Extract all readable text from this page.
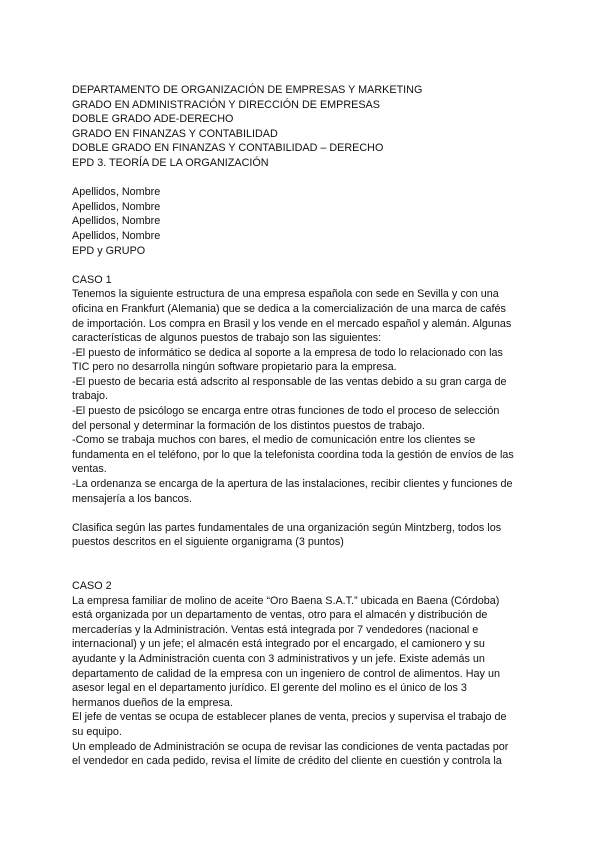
DEPARTAMENTO DE ORGANIZACIÓN DE EMPRESAS Y MARKETING
GRADO EN ADMINISTRACIÓN Y DIRECCIÓN DE EMPRESAS
DOBLE GRADO ADE-DERECHO
GRADO EN FINANZAS Y CONTABILIDAD
DOBLE GRADO EN FINANZAS Y CONTABILIDAD – DERECHO
EPD 3. TEORÍA DE LA ORGANIZACIÓN
Apellidos, Nombre
Apellidos, Nombre
Apellidos, Nombre
Apellidos, Nombre
EPD y GRUPO
CASO 1
Tenemos la siguiente estructura de una empresa española con sede en Sevilla y con una
oficina en Frankfurt (Alemania) que se dedica a la comercialización de una marca de cafés
de importación. Los compra en Brasil y los vende en el mercado español y alemán. Algunas
características de algunos puestos de trabajo son las siguientes:
-El puesto de informático se dedica al soporte a la empresa de todo lo relacionado con las
TIC pero no desarrolla ningún software propietario para la empresa.
-El puesto de becaria está adscrito al responsable de las ventas debido a su gran carga de
trabajo.
-El puesto de psicólogo se encarga entre otras funciones de todo el proceso de selección
del personal y determinar la formación de los distintos puestos de trabajo.
-Como se trabaja muchos con bares, el medio de comunicación entre los clientes se
fundamenta en el teléfono, por lo que la telefonista coordina toda la gestión de envíos de las
ventas.
-La ordenanza se encarga de la apertura de las instalaciones, recibir clientes y funciones de
mensajería a los bancos.
Clasifica según las partes fundamentales de una organización según Mintzberg, todos los
puestos descritos en el siguiente organigrama (3 puntos)
CASO 2
La empresa familiar de molino de aceite “Oro Baena S.A.T.” ubicada en Baena (Córdoba)
está organizada por un departamento de ventas, otro para el almacén y distribución de
mercaderías y la Administración. Ventas está integrada por 7 vendedores (nacional e
internacional) y un jefe; el almacén está integrado por el encargado, el camionero y su
ayudante y la Administración cuenta con 3 administrativos y un jefe. Existe además un
departamento de calidad de la empresa con un ingeniero de control de alimentos. Hay un
asesor legal en el departamento jurídico. El gerente del molino es el único de los 3
hermanos dueños de la empresa.
El jefe de ventas se ocupa de establecer planes de venta, precios y supervisa el trabajo de
su equipo.
Un empleado de Administración se ocupa de revisar las condiciones de venta pactadas por
el vendedor en cada pedido, revisa el límite de crédito del cliente en cuestión y controla la
